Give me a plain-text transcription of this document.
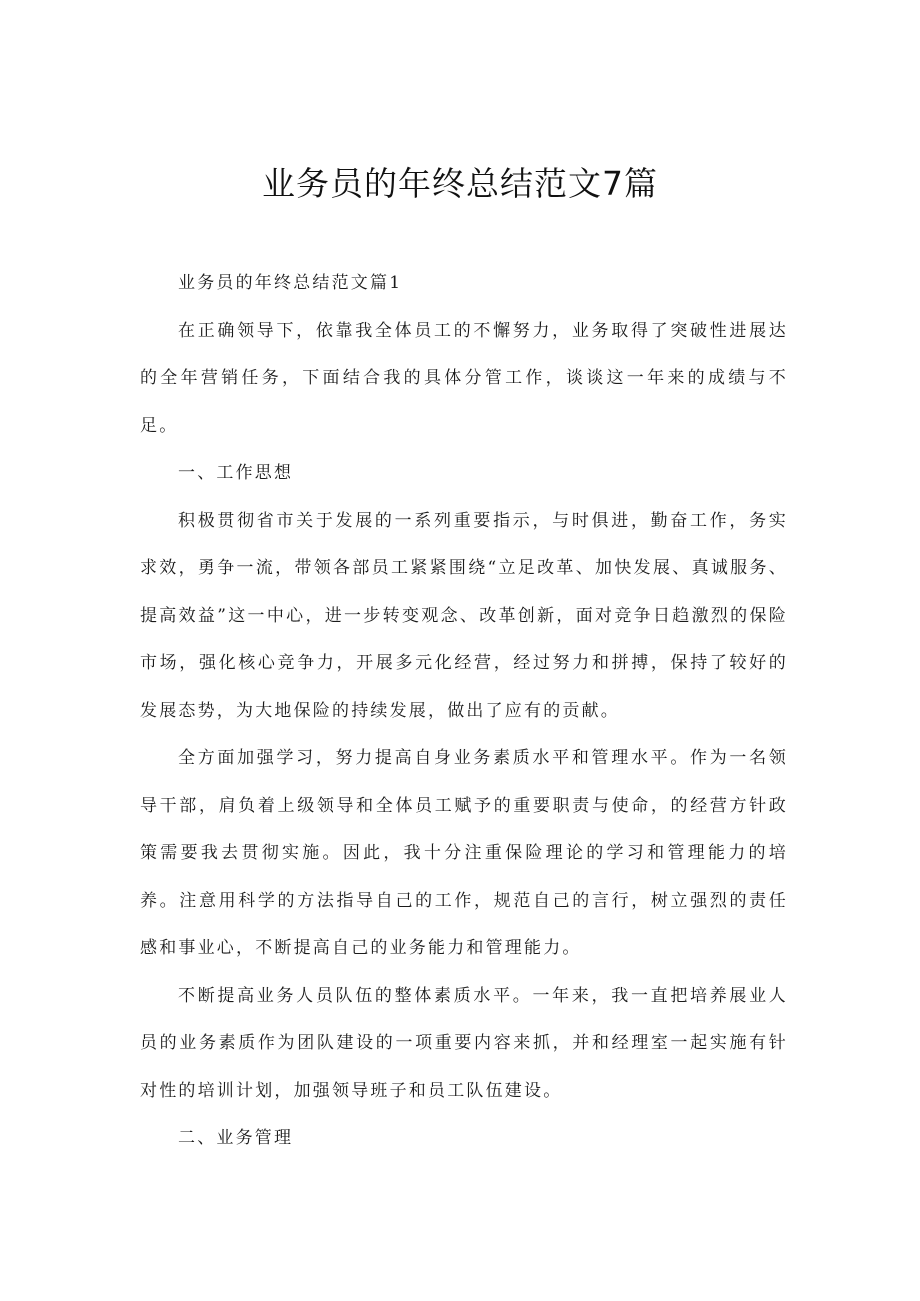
业务员的年终总结范文7篇

业务员的年终总结范文篇1

在正确领导下，依靠我全体员工的不懈努力，业务取得了突破性进展达的全年营销任务，下面结合我的具体分管工作，谈谈这一年来的成绩与不足。

一、工作思想

积极贯彻省市关于发展的一系列重要指示，与时俱进，勤奋工作，务实求效，勇争一流，带领各部员工紧紧围绕“立足改革、加快发展、真诚服务、提高效益”这一中心，进一步转变观念、改革创新，面对竞争日趋激烈的保险市场，强化核心竞争力，开展多元化经营，经过努力和拼搏，保持了较好的发展态势，为大地保险的持续发展，做出了应有的贡献。

全方面加强学习，努力提高自身业务素质水平和管理水平。作为一名领导干部，肩负着上级领导和全体员工赋予的重要职责与使命，的经营方针政策需要我去贯彻实施。因此，我十分注重保险理论的学习和管理能力的培养。注意用科学的方法指导自己的工作，规范自己的言行，树立强烈的责任感和事业心，不断提高自己的业务能力和管理能力。

不断提高业务人员队伍的整体素质水平。一年来，我一直把培养展业人员的业务素质作为团队建设的一项重要内容来抓，并和经理室一起实施有针对性的培训计划，加强领导班子和员工队伍建设。

二、业务管理
